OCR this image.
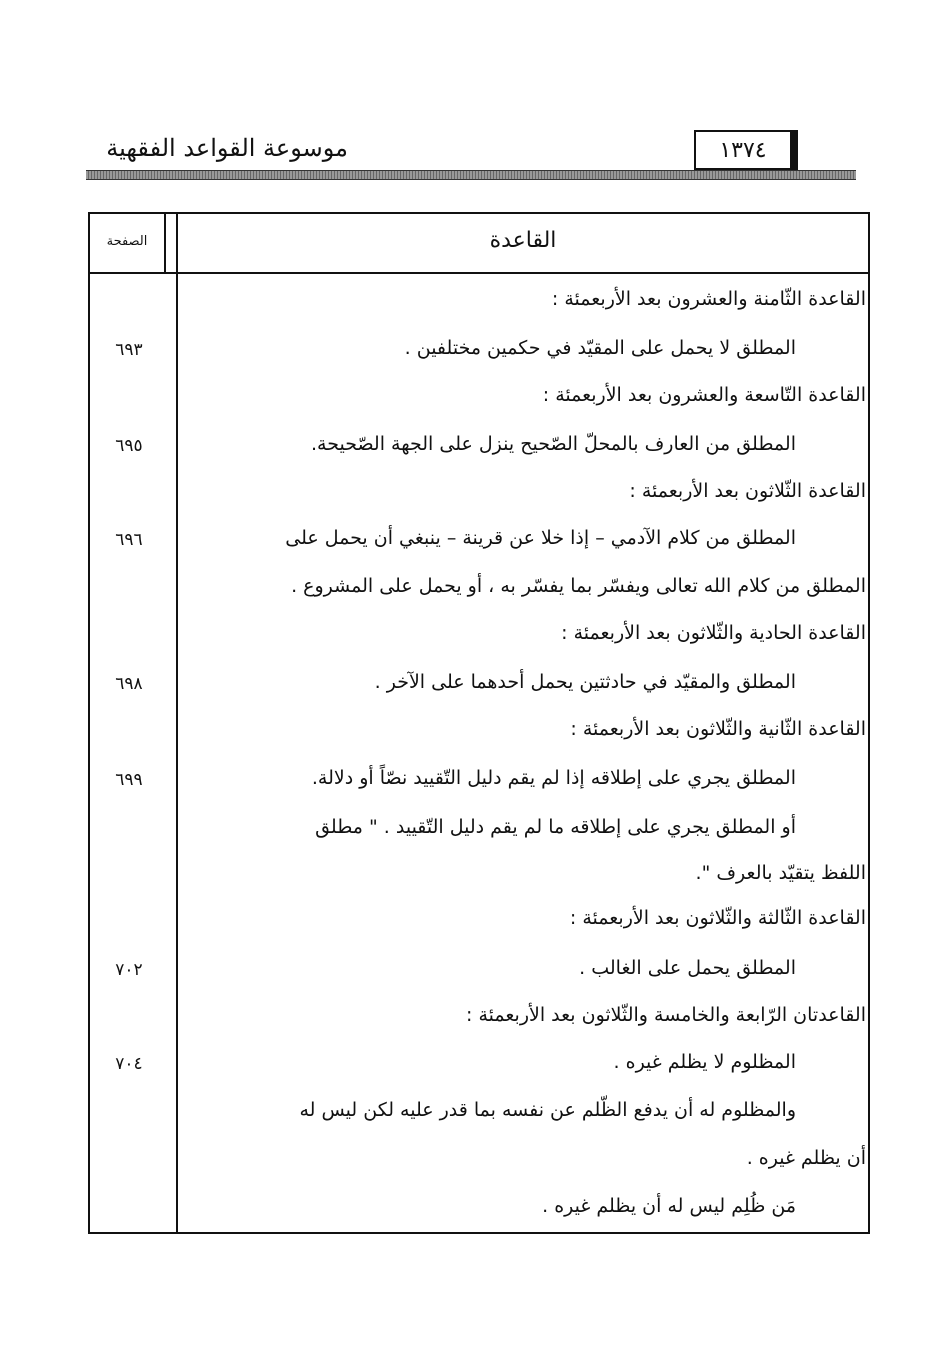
موسوعة القواعد الفقهية	١٣٧٤
الصفحة	القاعدة
القاعدة الثّامنة والعشرون بعد الأربعمئة :
المطلق لا يحمل على المقيّد في حكمين مختلفين .
القاعدة التّاسعة والعشرون بعد الأربعمئة :
المطلق من العارف بالمحلّ الصّحيح ينزل على الجهة الصّحيحة.
القاعدة الثّلاثون بعد الأربعمئة :
المطلق من كلام الآدمي – إذا خلا عن قرينة – ينبغي أن يحمل على
المطلق من كلام الله تعالى ويفسّر بما يفسّر به ، أو يحمل على المشروع .
القاعدة الحادية والثّلاثون بعد الأربعمئة :
المطلق والمقيّد في حادثتين يحمل أحدهما على الآخر .
القاعدة الثّانية والثّلاثون بعد الأربعمئة :
المطلق يجري على إطلاقه إذا لم يقم دليل التّقييد نصّاً أو دلالة.
أو المطلق يجري على إطلاقه ما لم يقم دليل التّقييد . " مطلق
اللفظ يتقيّد بالعرف ".
القاعدة الثّالثة والثّلاثون بعد الأربعمئة :
المطلق يحمل على الغالب .
القاعدتان الرّابعة والخامسة والثّلاثون بعد الأربعمئة :
المظلوم لا يظلم غيره .
والمظلوم له أن يدفع الظّلم عن نفسه بما قدر عليه لكن ليس له
أن يظلم غيره .
مَن ظُلِم ليس له أن يظلم غيره .
٦٩٣
٦٩٥
٦٩٦
٦٩٨
٦٩٩
٧٠٢
٧٠٤
